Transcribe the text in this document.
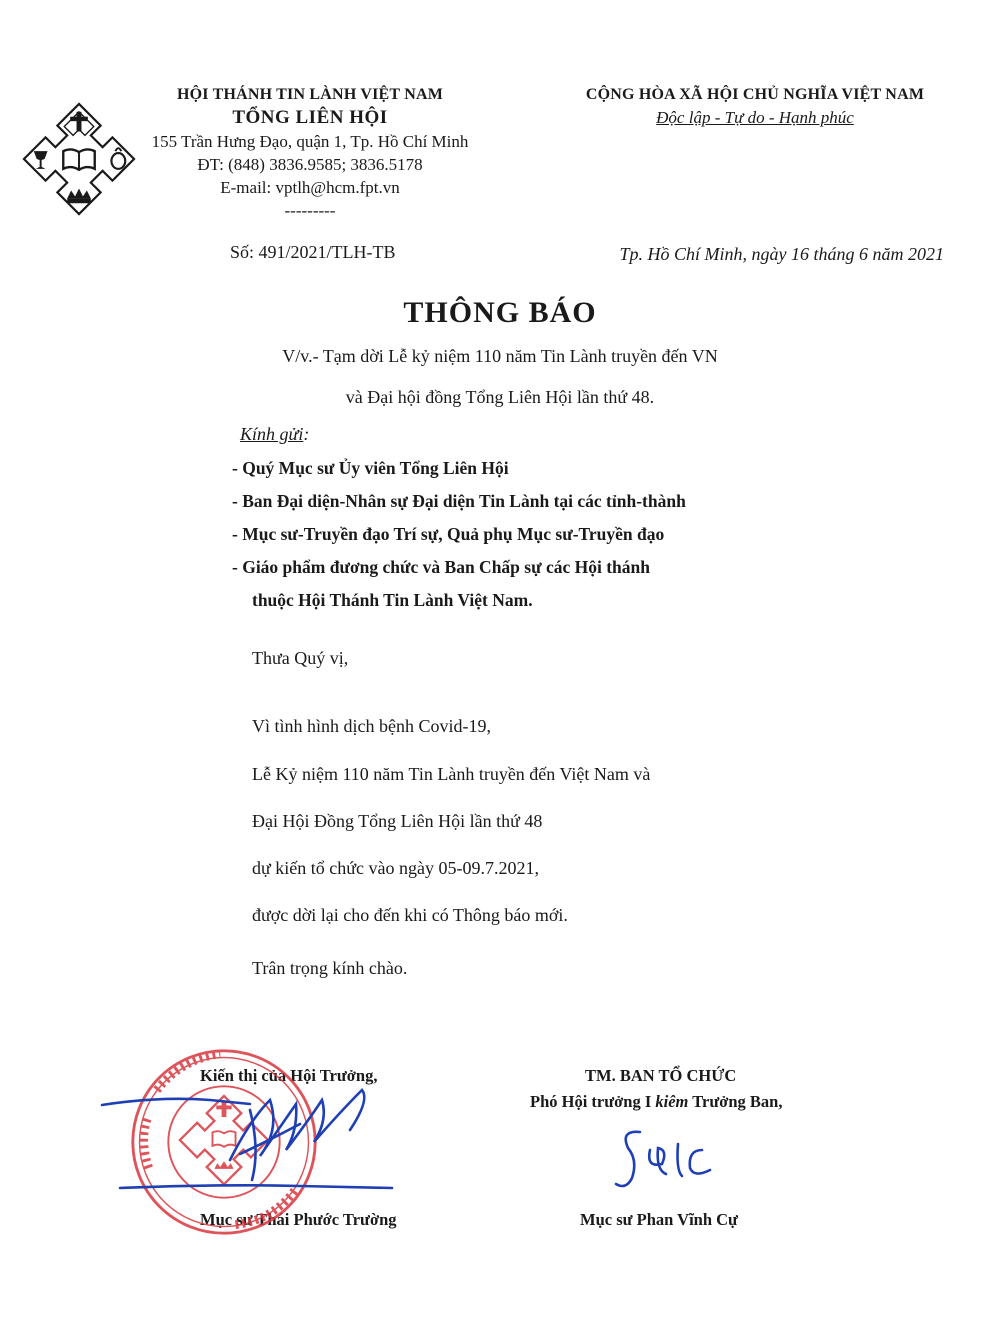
HỘI THÁNH TIN LÀNH VIỆT NAM
TỔNG LIÊN HỘI
155 Trần Hưng Đạo, quận 1, Tp. Hồ Chí Minh
ĐT: (848) 3836.9585; 3836.5178
E-mail: vptlh@hcm.fpt.vn
---------
CỘNG HÒA XÃ HỘI CHỦ NGHĨA VIỆT NAM
Độc lập - Tự do - Hạnh phúc
Số: 491/2021/TLH-TB	Tp. Hồ Chí Minh, ngày 16 tháng 6 năm 2021
THÔNG BÁO
V/v.- Tạm dời Lễ kỷ niệm 110 năm Tin Lành truyền đến VN
và Đại hội đồng Tổng Liên Hội lần thứ 48.
Kính gửi:
- Quý Mục sư Ủy viên Tổng Liên Hội
- Ban Đại diện-Nhân sự Đại diện Tin Lành tại các tỉnh-thành
- Mục sư-Truyền đạo Trí sự, Quả phụ Mục sư-Truyền đạo
- Giáo phẩm đương chức và Ban Chấp sự các Hội thánh
thuộc Hội Thánh Tin Lành Việt Nam.
Thưa Quý vị,
Vì tình hình dịch bệnh Covid-19,
Lễ Kỷ niệm 110 năm Tin Lành truyền đến Việt Nam và
Đại Hội Đồng Tổng Liên Hội lần thứ 48
dự kiến tổ chức vào ngày 05-09.7.2021,
được dời lại cho đến khi có Thông báo mới.
Trân trọng kính chào.
Kiến thị của Hội Trưởng,
Mục sư Thái Phước Trường
TM. BAN TỔ CHỨC
Phó Hội trưởng I kiêm Trưởng Ban,
Mục sư Phan Vĩnh Cự
